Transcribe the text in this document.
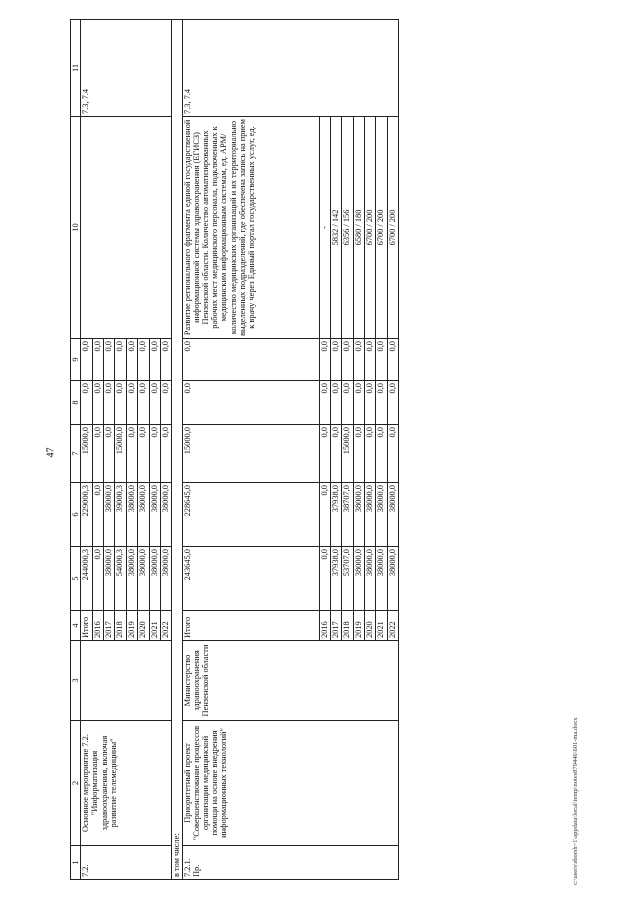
47
1	2	3	4	5	6	7	8	9	10	11
7.2.	Основное мероприятие 7.2. "Информатизация здравоохранения, включая развитие телемедицины"		Итого	244000,3	229000,3	15000,0	0,0	0,0		7.3, 7.4
			2016	0,0	0,0	0,0	0,0	0,0		
			2017	38000,0	38000,0	0,0	0,0	0,0		
			2018	54000,3	39000,3	15000,0	0,0	0,0		
			2019	38000,0	38000,0	0,0	0,0	0,0		
			2020	38000,0	38000,0	0,0	0,0	0,0		
			2021	38000,0	38000,0	0,0	0,0	0,0		
			2022	38000,0	38000,0	0,0	0,0	0,0		
в том числе:										
7.2.1. Пр.	Приоритетный проект "Совершенствование процессов организации медицинской помощи на основе внедрения информационных технологий"	Министерство здравоохранения Пензенской области	Итого	243645,0	228645,0	15000,0	0,0	0,0	Развитие регионального фрагмента единой государственной информационной системы здравоохранения (ЕГИСЗ) Пензенской области. Количество автоматизированных рабочих мест медицинского персонала, подключенных к медицинским информационным системам, ед. АРМ/ количество медицинских организаций и их территориально выделенных подразделений, где обеспечена запись на прием к врачу через Единый портал государственных услуг, ед.	7.3, 7.4
			2016	0,0	0,0	0,0	0,0	0,0	-	
			2017	37938,0	37938,0	0,0	0,0	0,0	5832 / 142	
			2018	53707,0	38707,0	15000,0	0,0	0,0	6356 / 156	
			2019	38000,0	38000,0	0,0	0,0	0,0	6580 / 180	
			2020	38000,0	38000,0	0,0	0,0	0,0	6700 / 200	
			2021	38000,0	38000,0	0,0	0,0	0,0	6700 / 200	
			2022	38000,0	38000,0	0,0	0,0	0,0	6700 / 200	
c:\users\sborsh~1\appdata\local\temp\notes879446\601-ma.docx
